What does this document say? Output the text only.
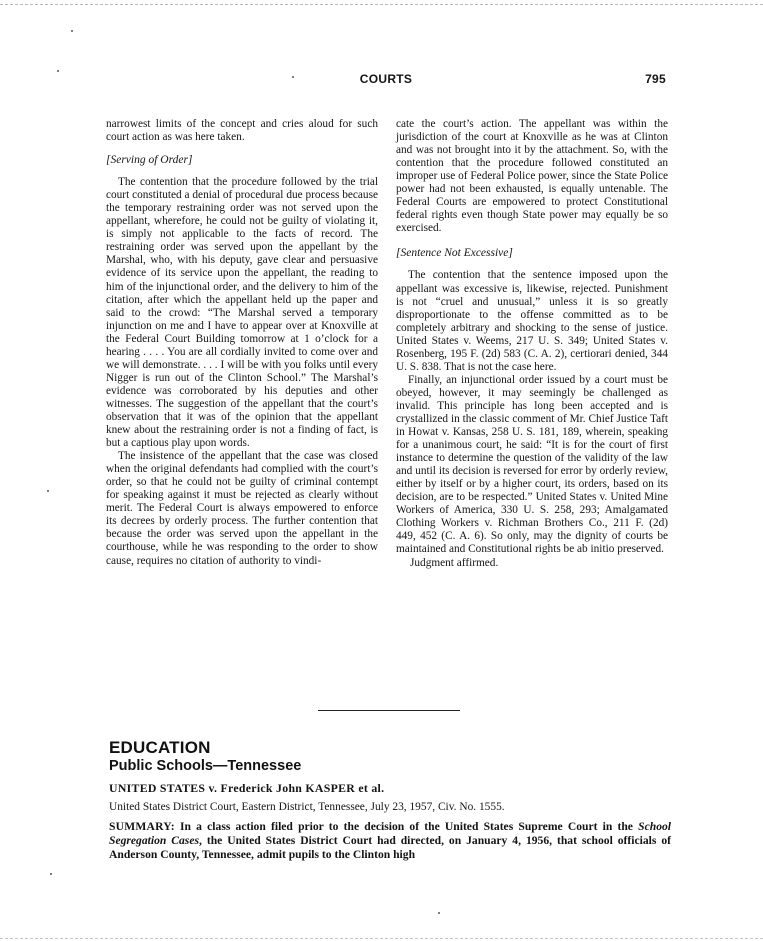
COURTS	795

narrowest limits of the concept and cries aloud for such court action as was here taken.

[Serving of Order]

The contention that the procedure followed by the trial court constituted a denial of procedural due process because the temporary restraining order was not served upon the appellant, wherefore, he could not be guilty of violating it, is simply not applicable to the facts of record. The restraining order was served upon the appellant by the Marshal, who, with his deputy, gave clear and persuasive evidence of its service upon the appellant, the reading to him of the injunctional order, and the delivery to him of the citation, after which the appellant held up the paper and said to the crowd: “The Marshal served a temporary injunction on me and I have to appear over at Knoxville at the Federal Court Building tomorrow at 1 o’clock for a hearing . . . . You are all cordially invited to come over and we will demonstrate. . . . I will be with you folks until every Nigger is run out of the Clinton School.” The Marshal’s evidence was corroborated by his deputies and other witnesses. The suggestion of the appellant that the court’s observation that it was of the opinion that the appellant knew about the restraining order is not a finding of fact, is but a captious play upon words.

The insistence of the appellant that the case was closed when the original defendants had complied with the court’s order, so that he could not be guilty of criminal contempt for speaking against it must be rejected as clearly without merit. The Federal Court is always empowered to enforce its decrees by orderly process. The further contention that because the order was served upon the appellant in the courthouse, while he was responding to the order to show cause, requires no citation of authority to vindi-

cate the court’s action. The appellant was within the jurisdiction of the court at Knoxville as he was at Clinton and was not brought into it by the attachment. So, with the contention that the procedure followed constituted an improper use of Federal Police power, since the State Police power had not been exhausted, is equally untenable. The Federal Courts are empowered to protect Constitutional federal rights even though State power may equally be so exercised.

[Sentence Not Excessive]

The contention that the sentence imposed upon the appellant was excessive is, likewise, rejected. Punishment is not “cruel and unusual,” unless it is so greatly disproportionate to the offense committed as to be completely arbitrary and shocking to the sense of justice. United States v. Weems, 217 U. S. 349; United States v. Rosenberg, 195 F. (2d) 583 (C. A. 2), certiorari denied, 344 U. S. 838. That is not the case here.

Finally, an injunctional order issued by a court must be obeyed, however, it may seemingly be challenged as invalid. This principle has long been accepted and is crystallized in the classic comment of Mr. Chief Justice Taft in Howat v. Kansas, 258 U. S. 181, 189, wherein, speaking for a unanimous court, he said: “It is for the court of first instance to determine the question of the validity of the law and until its decision is reversed for error by orderly review, either by itself or by a higher court, its orders, based on its decision, are to be respected.” United States v. United Mine Workers of America, 330 U. S. 258, 293; Amalgamated Clothing Workers v. Richman Brothers Co., 211 F. (2d) 449, 452 (C. A. 6). So only, may the dignity of courts be maintained and Constitutional rights be ab initio preserved.

Judgment affirmed.

EDUCATION
Public Schools—Tennessee
UNITED STATES v. Frederick John KASPER et al.
United States District Court, Eastern District, Tennessee, July 23, 1957, Civ. No. 1555.
SUMMARY: In a class action filed prior to the decision of the United States Supreme Court in the School Segregation Cases, the United States District Court had directed, on January 4, 1956, that school officials of Anderson County, Tennessee, admit pupils to the Clinton high
